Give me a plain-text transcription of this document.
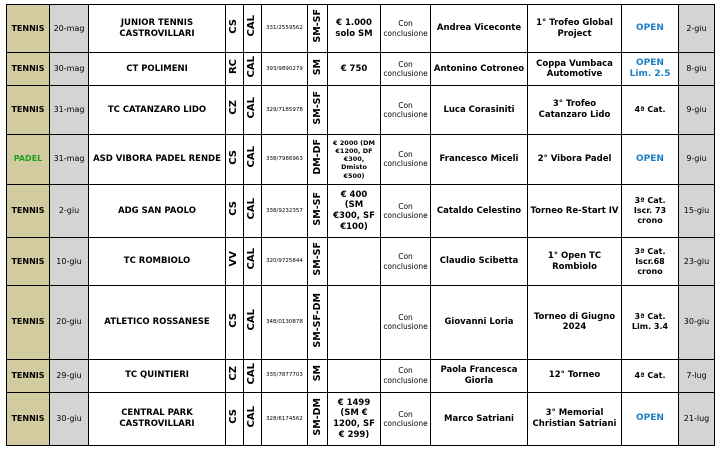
TENNIS	20-mag	JUNIOR TENNIS CASTROVILLARI	CS	CAL	331/2559562	SM-SF	€ 1.000 solo SM	Con conclusione	Andrea Viceconte	1° Trofeo Global Project	OPEN	2-giu
TENNIS	30-mag	CT POLIMENI	RC	CAL	393/9890279	SM	€ 750	Con conclusione	Antonino Cotroneo	Coppa Vumbaca Automotive	OPEN Lim. 2.5	8-giu
TENNIS	31-mag	TC CATANZARO LIDO	CZ	CAL	329/7185978	SM-SF		Con conclusione	Luca Corasiniti	3° Trofeo Catanzaro Lido	4ª Cat.	9-giu
PADEL	31-mag	ASD VIBORA PADEL RENDE	CS	CAL	338/7986963	DM-DF	€ 2000 (DM €1200, DF €300, Dmisto €500)	Con conclusione	Francesco Miceli	2° Vibora Padel	OPEN	9-giu
TENNIS	2-giu	ADG SAN PAOLO	CS	CAL	338/9232357	SM-SF	€ 400 (SM €300, SF €100)	Con conclusione	Cataldo Celestino	Torneo Re-Start IV	3ª Cat. Iscr. 73 crono	15-giu
TENNIS	10-giu	TC ROMBIOLO	VV	CAL	320/9725844	SM-SF		Con conclusione	Claudio Scibetta	1° Open TC Rombiolo	3ª Cat. Iscr.68 crono	23-giu
TENNIS	20-giu	ATLETICO ROSSANESE	CS	CAL	348/0130878	SM-SF-DM		Con conclusione	Giovanni Loria	Torneo di Giugno 2024	3ª Cat. Lim. 3.4	30-giu
TENNIS	29-giu	TC QUINTIERI	CZ	CAL	335/7877703	SM		Con conclusione	Paola Francesca Giorla	12° Torneo	4ª Cat.	7-lug
TENNIS	30-giu	CENTRAL PARK CASTROVILLARI	CS	CAL	328/6174562	SM-DM	€ 1499 (SM € 1200, SF € 299)	Con conclusione	Marco Satriani	3° Memorial Christian Satriani	OPEN	21-lug
